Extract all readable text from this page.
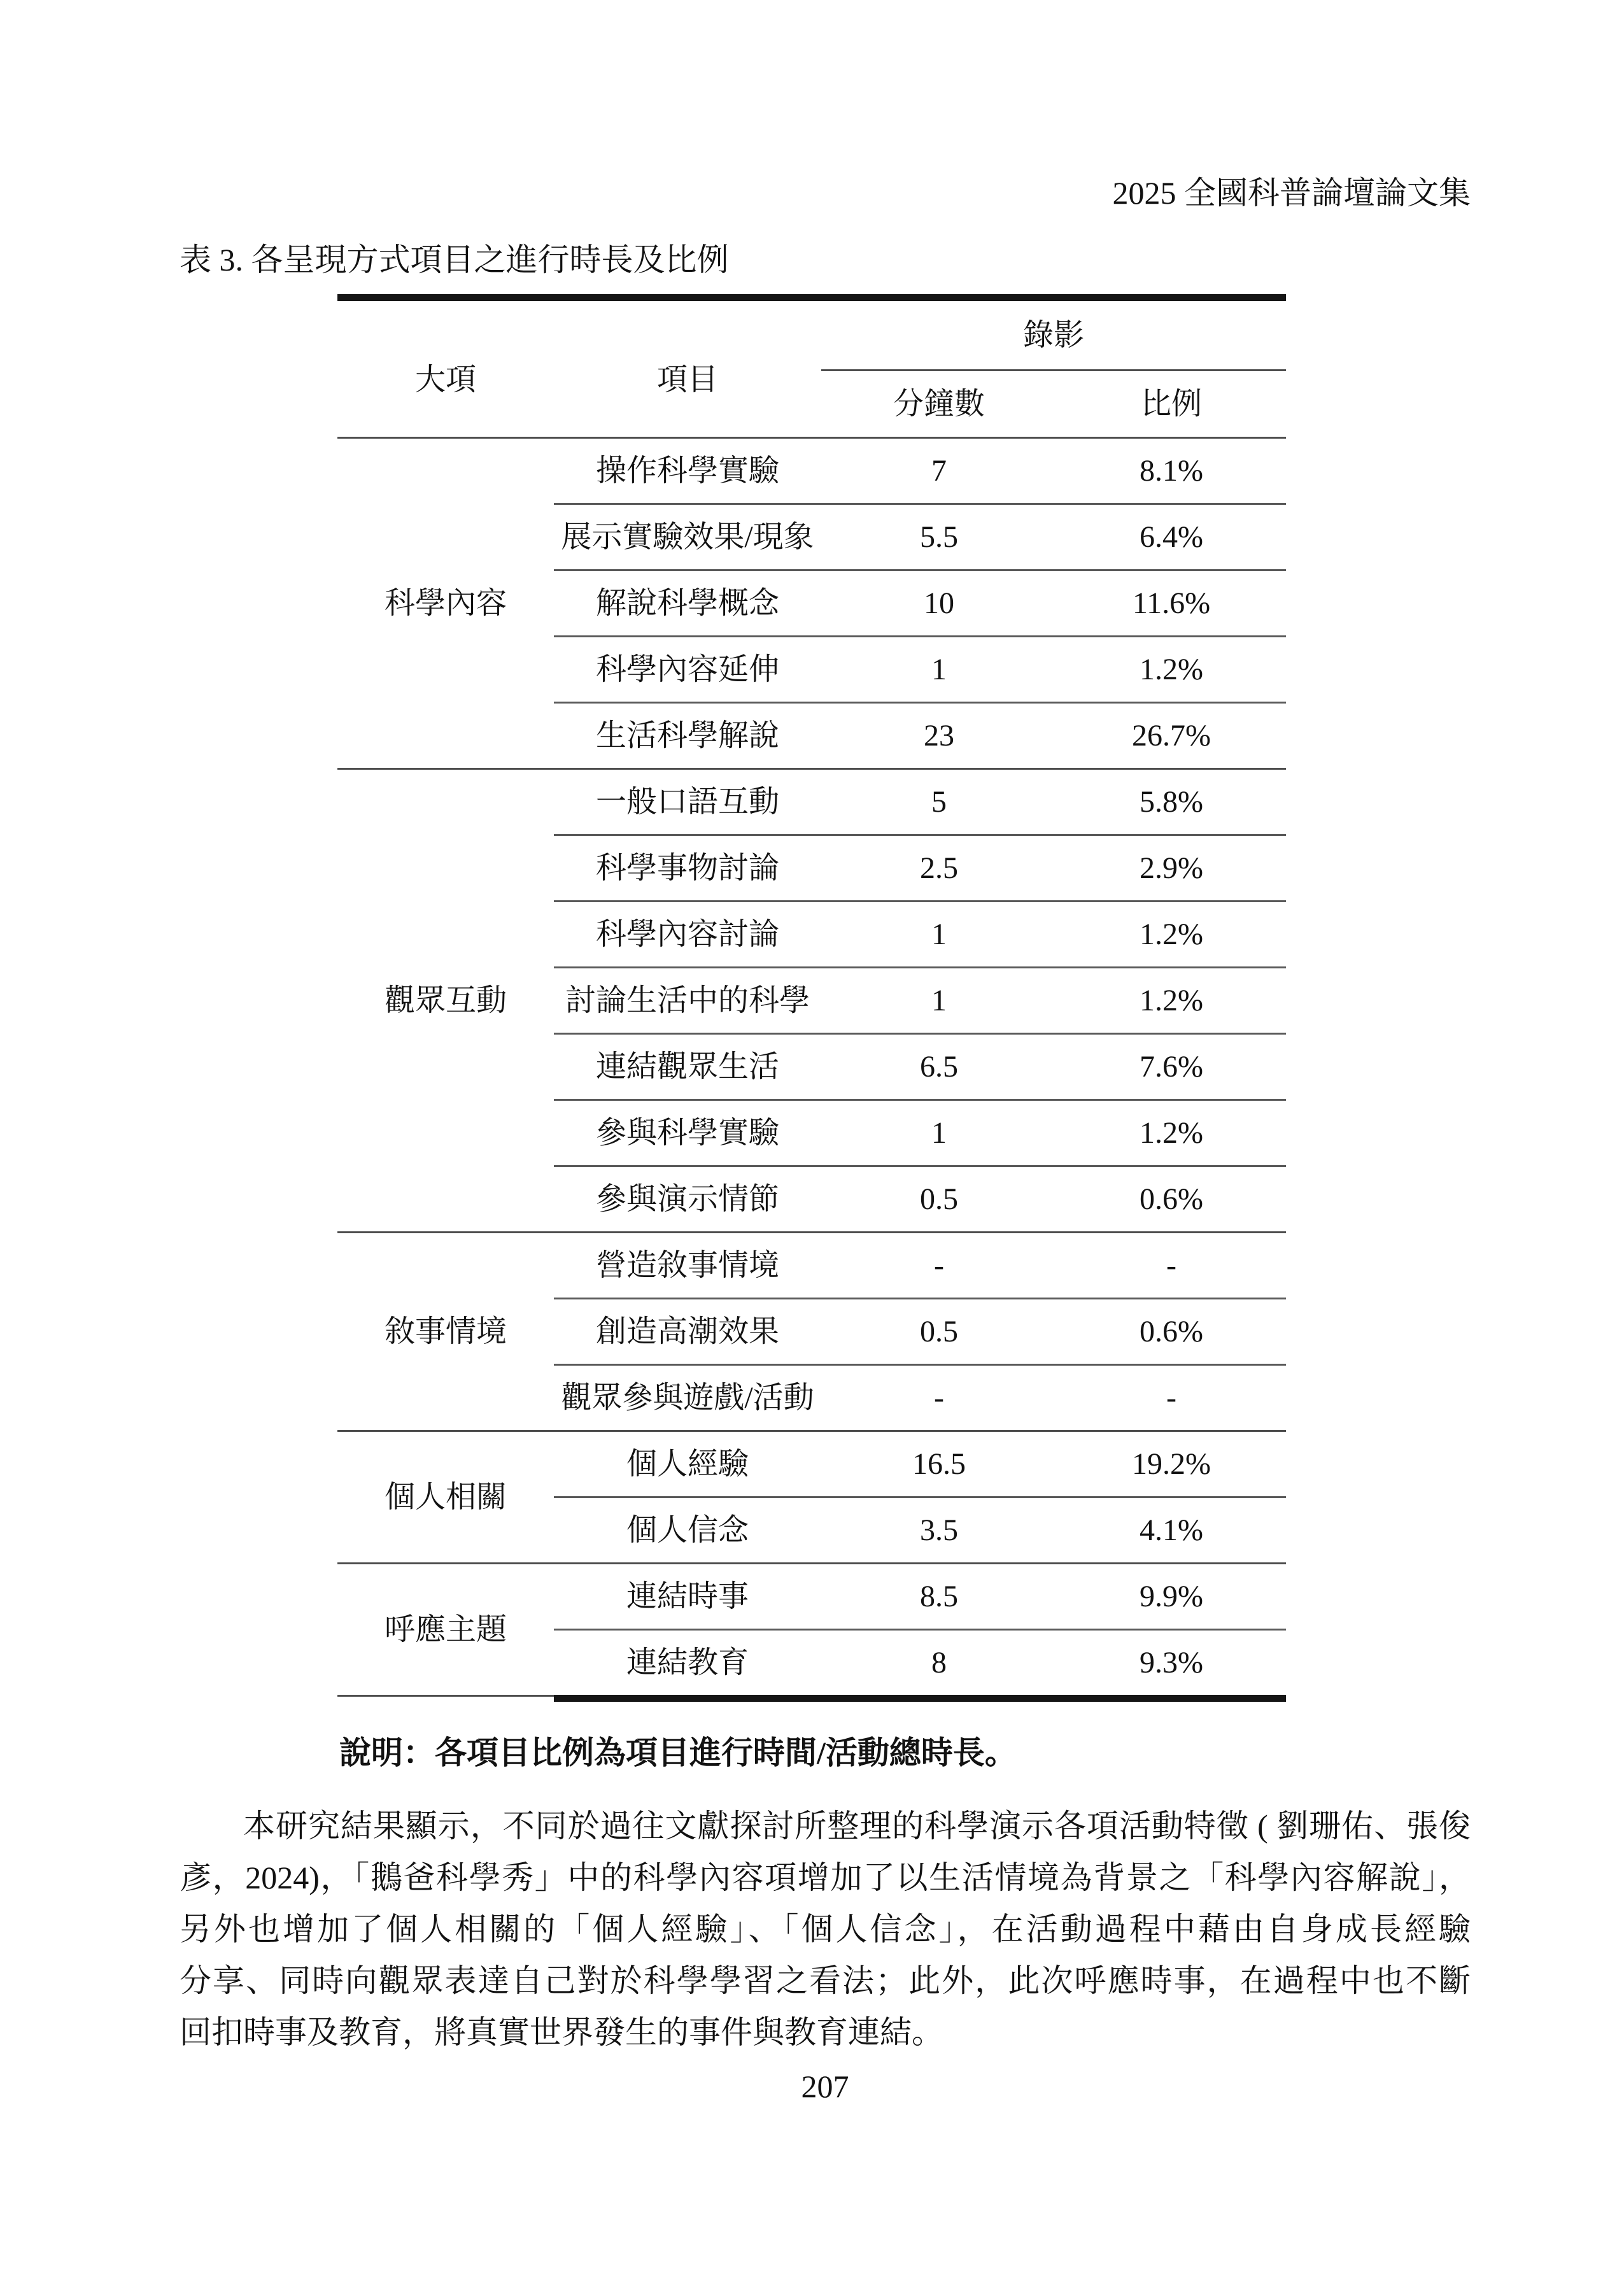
2025 全國科普論壇論文集
表 3. 各呈現方式項目之進行時長及比例
大項	項目
錄影
分鐘數	比例
科學內容
操作科學實驗	7	8.1%
展示實驗效果/現象	5.5	6.4%
解說科學概念	10	11.6%
科學內容延伸	1	1.2%
生活科學解說	23	26.7%
觀眾互動
一般口語互動	5	5.8%
科學事物討論	2.5	2.9%
科學內容討論	1	1.2%
討論生活中的科學	1	1.2%
連結觀眾生活	6.5	7.6%
參與科學實驗	1	1.2%
參與演示情節	0.5	0.6%
敘事情境
營造敘事情境	-	-
創造高潮效果	0.5	0.6%
觀眾參與遊戲/活動	-	-
個人相關
個人經驗	16.5	19.2%
個人信念	3.5	4.1%
呼應主題
連結時事	8.5	9.9%
連結教育	8	9.3%
說明：各項目比例為項目進行時間/活動總時長。
本研究結果顯示，不同於過往文獻探討所整理的科學演示各項活動特徵 ( 劉珊佑、張俊
彥，2024)，「鵝爸科學秀」中的科學內容項增加了以生活情境為背景之「科學內容解說」，
另外也增加了個人相關的「個人經驗」、「個人信念」，在活動過程中藉由自身成長經驗
分享、同時向觀眾表達自己對於科學學習之看法；此外，此次呼應時事，在過程中也不斷
回扣時事及教育，將真實世界發生的事件與教育連結。
207
